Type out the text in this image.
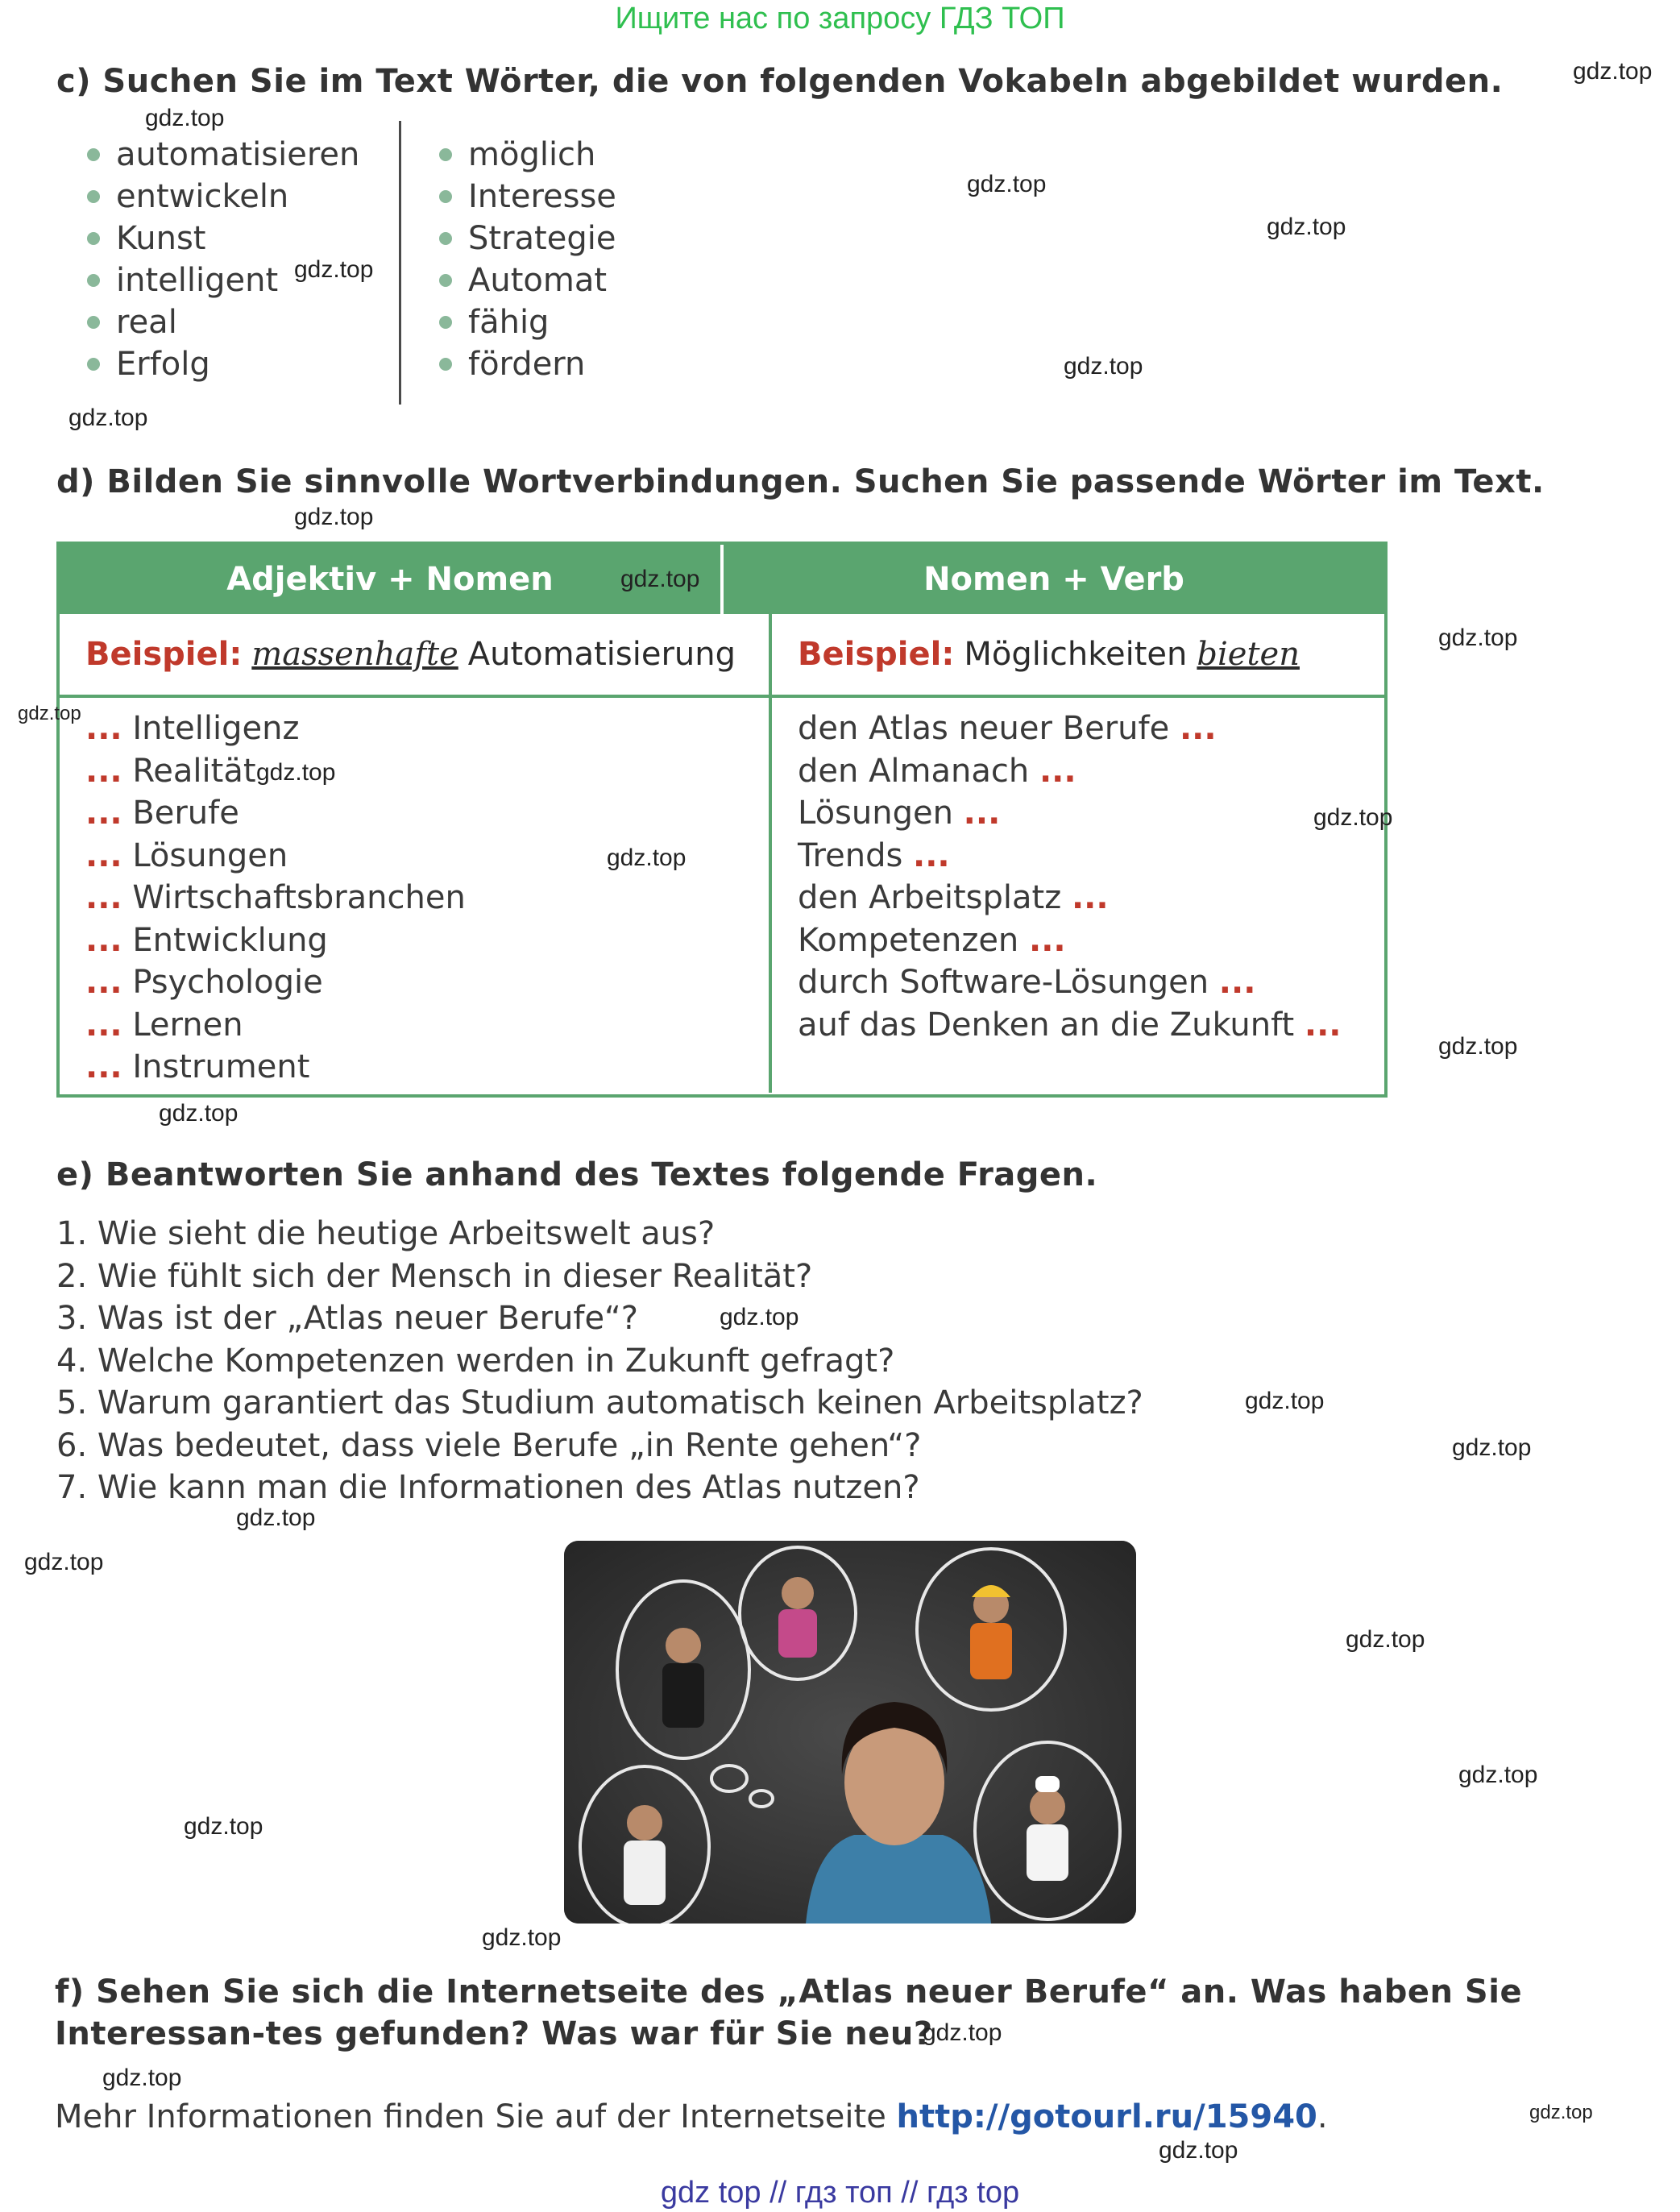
Ищите нас по запросу ГДЗ ТОП
c) Suchen Sie im Text Wörter, die von folgenden Vokabeln abgebildet wurden.
automatisieren
entwickeln
Kunst
intelligent
real
Erfolg
möglich
Interesse
Strategie
Automat
fähig
fördern
d) Bilden Sie sinnvolle Wortverbindungen. Suchen Sie passende Wörter im Text.
Adjektiv + Nomen	Nomen + Verb
Beispiel: massenhafte Automatisierung Beispiel: Möglichkeiten bieten
... Intelligenz
... Realität
... Berufe
... Lösungen
... Wirtschaftsbranchen
... Entwicklung
... Psychologie
... Lernen
... Instrument
den Atlas neuer Berufe ...
den Almanach ...
Lösungen ...
Trends ...
den Arbeitsplatz ...
Kompetenzen ...
durch Software-Lösungen ...
auf das Denken an die Zukunft ...
e) Beantworten Sie anhand des Textes folgende Fragen.
1. Wie sieht die heutige Arbeitswelt aus?
2. Wie fühlt sich der Mensch in dieser Realität?
3. Was ist der „Atlas neuer Berufe“?
4. Welche Kompetenzen werden in Zukunft gefragt?
5. Warum garantiert das Studium automatisch keinen Arbeitsplatz?
6. Was bedeutet, dass viele Berufe „in Rente gehen“?
7. Wie kann man die Informationen des Atlas nutzen?
f) Sehen Sie sich die Internetseite des „Atlas neuer Berufe“ an. Was haben Sie Interessan-tes gefunden? Was war für Sie neu?
Mehr Informationen finden Sie auf der Internetseite http://gotourl.ru/15940.
gdz.top
gdz.top
gdz.top
gdz.top
gdz.top
gdz.top
gdz.top
gdz.top
gdz.top
gdz.top
gdz.top
gdz.top
gdz.top
gdz.top
gdz.top
gdz.top
gdz.top
gdz.top
gdz.top
gdz.top
gdz.top
gdz.top
gdz.top
gdz.top
gdz.top
gdz.top
gdz.top
gdz.top
gdz.top
gdz top // гдз топ // гдз top
